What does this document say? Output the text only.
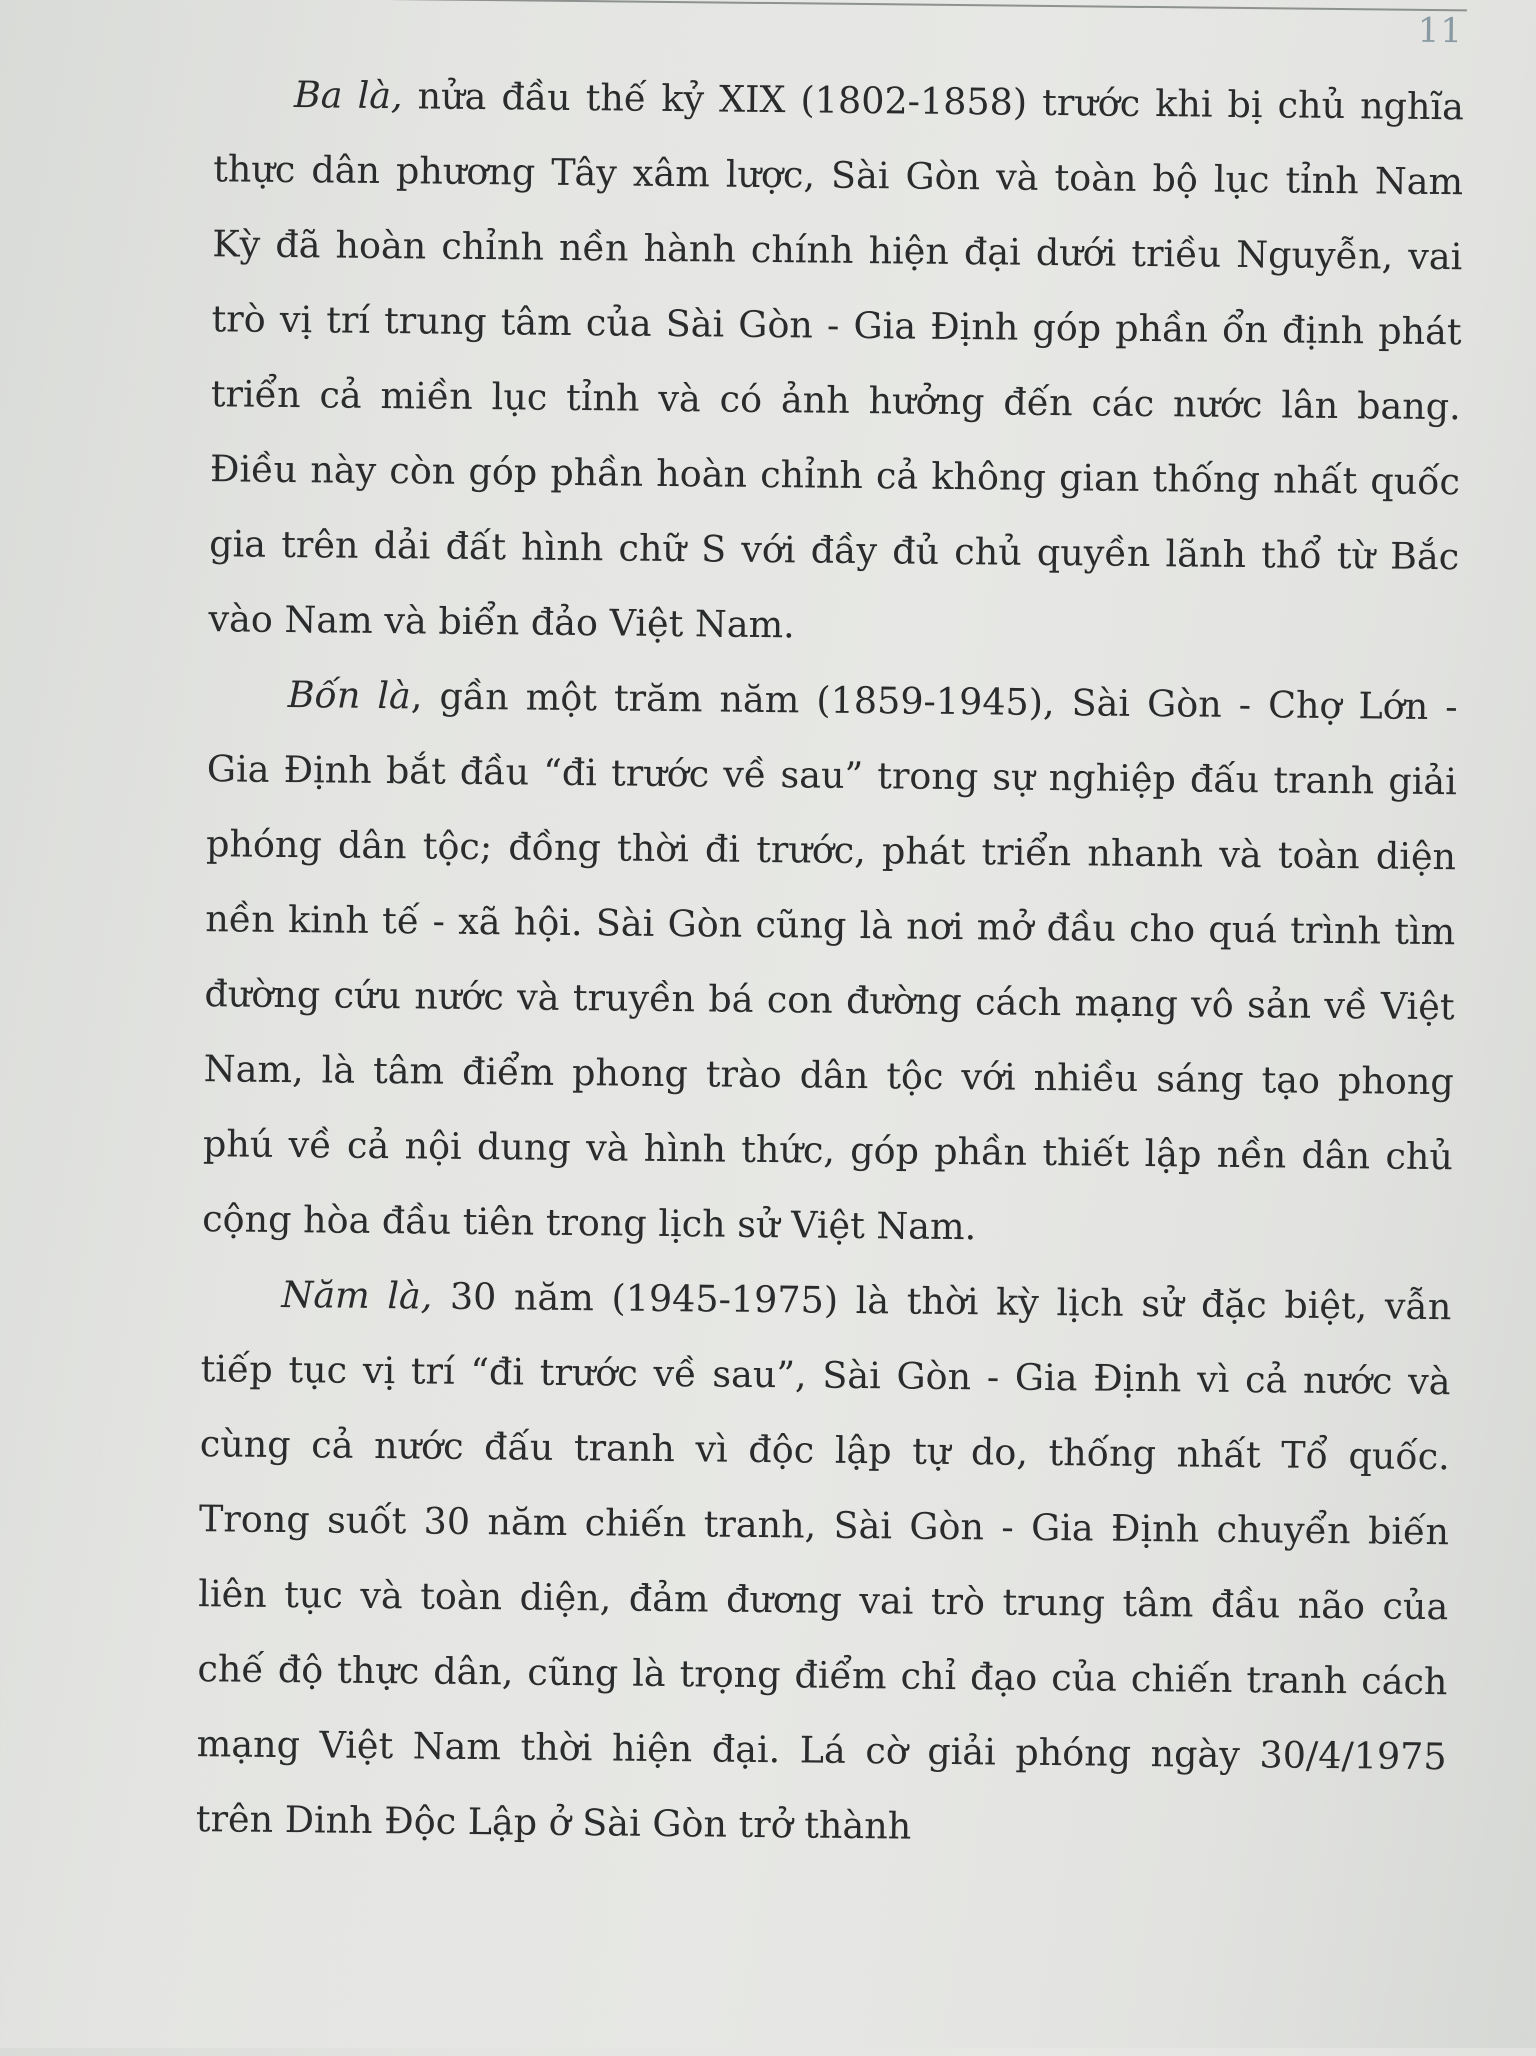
11

Ba là, nửa đầu thế kỷ XIX (1802-1858) trước khi bị chủ nghĩa thực dân phương Tây xâm lược, Sài Gòn và toàn bộ lục tỉnh Nam Kỳ đã hoàn chỉnh nền hành chính hiện đại dưới triều Nguyễn, vai trò vị trí trung tâm của Sài Gòn - Gia Định góp phần ổn định phát triển cả miền lục tỉnh và có ảnh hưởng đến các nước lân bang. Điều này còn góp phần hoàn chỉnh cả không gian thống nhất quốc gia trên dải đất hình chữ S với đầy đủ chủ quyền lãnh thổ từ Bắc vào Nam và biển đảo Việt Nam.

Bốn là, gần một trăm năm (1859-1945), Sài Gòn - Chợ Lớn - Gia Định bắt đầu “đi trước về sau” trong sự nghiệp đấu tranh giải phóng dân tộc; đồng thời đi trước, phát triển nhanh và toàn diện nền kinh tế - xã hội. Sài Gòn cũng là nơi mở đầu cho quá trình tìm đường cứu nước và truyền bá con đường cách mạng vô sản về Việt Nam, là tâm điểm phong trào dân tộc với nhiều sáng tạo phong phú về cả nội dung và hình thức, góp phần thiết lập nền dân chủ cộng hòa đầu tiên trong lịch sử Việt Nam.

Năm là, 30 năm (1945-1975) là thời kỳ lịch sử đặc biệt, vẫn tiếp tục vị trí “đi trước về sau”, Sài Gòn - Gia Định vì cả nước và cùng cả nước đấu tranh vì độc lập tự do, thống nhất Tổ quốc. Trong suốt 30 năm chiến tranh, Sài Gòn - Gia Định chuyển biến liên tục và toàn diện, đảm đương vai trò trung tâm đầu não của chế độ thực dân, cũng là trọng điểm chỉ đạo của chiến tranh cách mạng Việt Nam thời hiện đại. Lá cờ giải phóng ngày 30/4/1975 trên Dinh Độc Lập ở Sài Gòn trở thành
